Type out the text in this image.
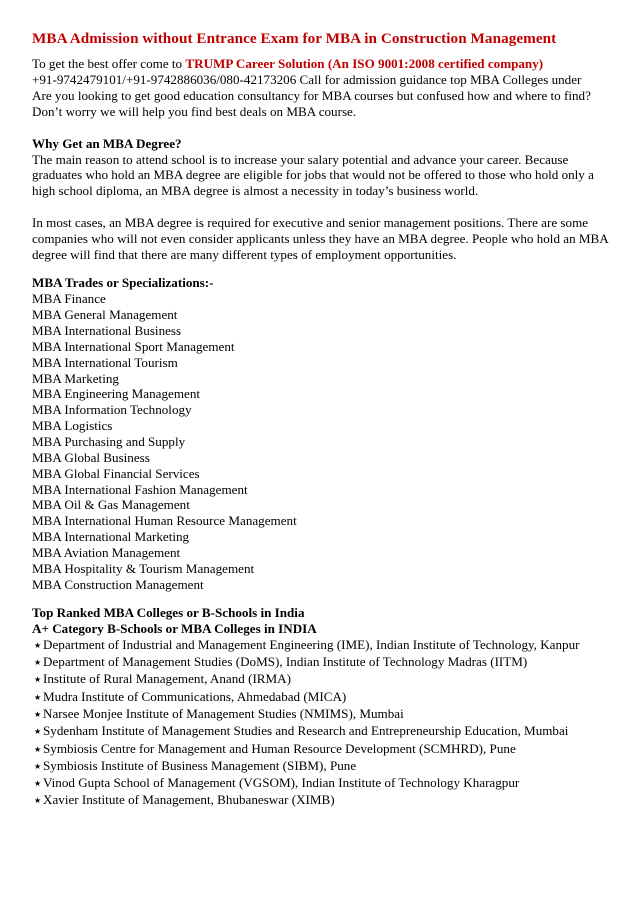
MBA Admission without Entrance Exam for MBA in Construction Management

To get the best offer come to TRUMP Career Solution (An ISO 9001:2008 certified company)
+91-9742479101/+91-9742886036/080-42173206 Call for admission guidance top MBA Colleges under
Are you looking to get good education consultancy for MBA courses but confused how and where to find? Don’t worry we will help you find best deals on MBA course.

Why Get an MBA Degree?

The main reason to attend school is to increase your salary potential and advance your career. Because graduates who hold an MBA degree are eligible for jobs that would not be offered to those who hold only a high school diploma, an MBA degree is almost a necessity in today’s business world.

In most cases, an MBA degree is required for executive and senior management positions. There are some companies who will not even consider applicants unless they have an MBA degree. People who hold an MBA degree will find that there are many different types of employment opportunities.

MBA Trades or Specializations:-

MBA Finance
MBA General Management
MBA International Business
MBA International Sport Management
MBA International Tourism
MBA Marketing
MBA Engineering Management
MBA Information Technology
MBA Logistics
MBA Purchasing and Supply
MBA Global Business
MBA Global Financial Services
MBA International Fashion Management
MBA Oil & Gas Management
MBA International Human Resource Management
MBA International Marketing
MBA Aviation Management
MBA Hospitality & Tourism Management
MBA Construction Management

Top Ranked MBA Colleges or B-Schools in India

A+ Category B-Schools or MBA Colleges in INDIA

★ Department of Industrial and Management Engineering (IME), Indian Institute of Technology, Kanpur
★ Department of Management Studies (DoMS), Indian Institute of Technology Madras (IITM)
★ Institute of Rural Management, Anand (IRMA)
★ Mudra Institute of Communications, Ahmedabad (MICA)
★ Narsee Monjee Institute of Management Studies (NMIMS), Mumbai
★ Sydenham Institute of Management Studies and Research and Entrepreneurship Education, Mumbai
★ Symbiosis Centre for Management and Human Resource Development (SCMHRD), Pune
★ Symbiosis Institute of Business Management (SIBM), Pune
★ Vinod Gupta School of Management (VGSOM), Indian Institute of Technology Kharagpur
★ Xavier Institute of Management, Bhubaneswar (XIMB)
